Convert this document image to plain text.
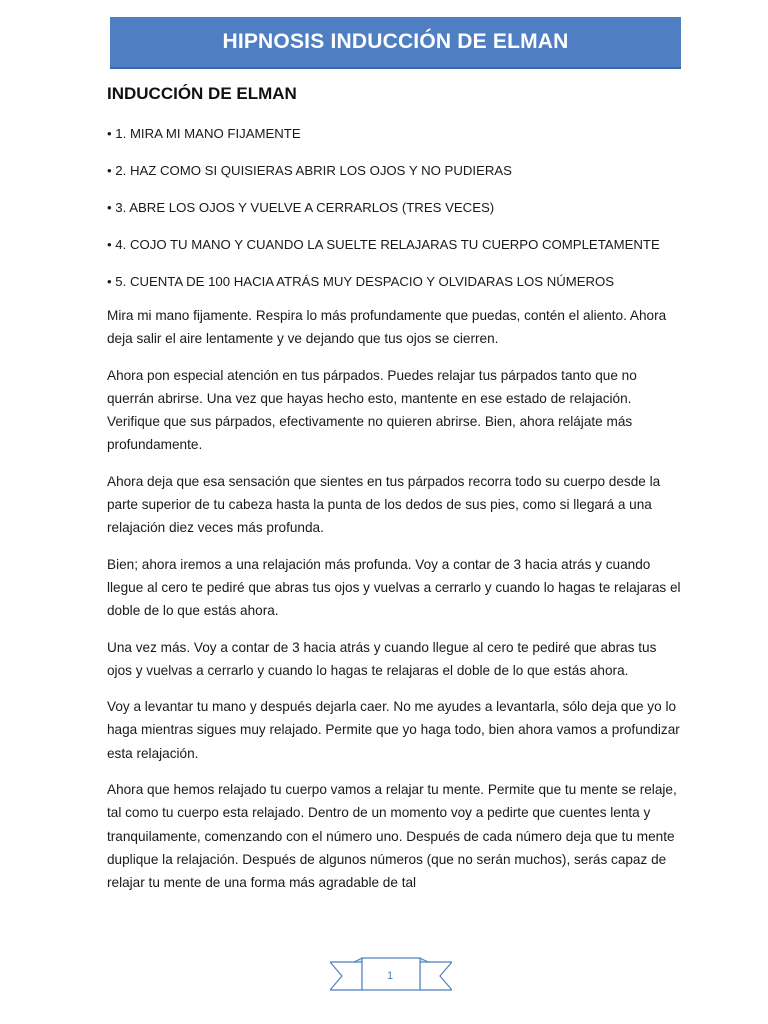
HIPNOSIS INDUCCIÓN DE ELMAN
INDUCCIÓN DE ELMAN
• 1. MIRA MI MANO FIJAMENTE
• 2. HAZ COMO SI QUISIERAS ABRIR LOS OJOS Y NO PUDIERAS
• 3. ABRE LOS OJOS Y VUELVE A CERRARLOS (TRES VECES)
• 4. COJO TU MANO Y CUANDO LA SUELTE RELAJARAS TU CUERPO COMPLETAMENTE
• 5. CUENTA DE 100 HACIA ATRÁS MUY DESPACIO Y OLVIDARAS LOS NÚMEROS

Mira mi mano fijamente. Respira lo más profundamente que puedas, contén el aliento. Ahora deja salir el aire lentamente y ve dejando que tus ojos se cierren.

Ahora pon especial atención en tus párpados. Puedes relajar tus párpados tanto que no querrán abrirse. Una vez que hayas hecho esto, mantente en ese estado de relajación. Verifique que sus párpados, efectivamente no quieren abrirse. Bien, ahora relájate más profundamente.

Ahora deja que esa sensación que sientes en tus párpados recorra todo su cuerpo desde la parte superior de tu cabeza hasta la punta de los dedos de sus pies, como si llegará a una relajación diez veces más profunda.

Bien; ahora iremos a una relajación más profunda. Voy a contar de 3 hacia atrás y cuando llegue al cero te pediré que abras tus ojos y vuelvas a cerrarlo y cuando lo hagas te relajaras el doble de lo que estás ahora.

Una vez más. Voy a contar de 3 hacia atrás y cuando llegue al cero te pediré que abras tus ojos y vuelvas a cerrarlo y cuando lo hagas te relajaras el doble de lo que estás ahora.

Voy a levantar tu mano y después dejarla caer. No me ayudes a levantarla, sólo deja que yo lo haga mientras sigues muy relajado. Permite que yo haga todo, bien ahora vamos a profundizar esta relajación.

Ahora que hemos relajado tu cuerpo vamos a relajar tu mente. Permite que tu mente se relaje, tal como tu cuerpo esta relajado. Dentro de un momento voy a pedirte que cuentes lenta y tranquilamente, comenzando con el número uno. Después de cada número deja que tu mente duplique la relajación. Después de algunos números (que no serán muchos), serás capaz de relajar tu mente de una forma más agradable de tal

1
